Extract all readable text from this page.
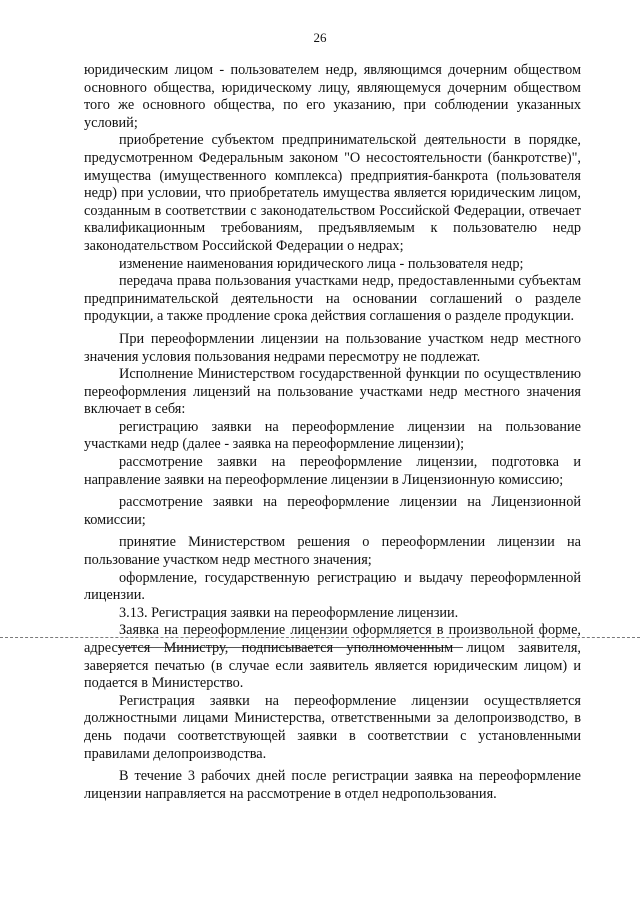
26

юридическим лицом - пользователем недр, являющимся дочерним обществом основного общества, юридическому лицу, являющемуся дочерним обществом того же основного общества, по его указанию, при соблюдении указанных условий;

приобретение субъектом предпринимательской деятельности в порядке, предусмотренном Федеральным законом "О несостоятельности (банкротстве)", имущества (имущественного комплекса) предприятия-банкрота (пользователя недр) при условии, что приобретатель имущества является юридическим лицом, созданным в соответствии с законодательством Российской Федерации, отвечает квалификационным требованиям, предъявляемым к пользователю недр законодательством Российской Федерации о недрах;

изменение наименования юридического лица - пользователя недр;

передача права пользования участками недр, предоставленными субъектам предпринимательской деятельности на основании соглашений о разделе продукции, а также продление срока действия соглашения о разделе продукции.

При переоформлении лицензии на пользование участком недр местного значения условия пользования недрами пересмотру не подлежат.

Исполнение Министерством государственной функции по осуществлению переоформления лицензий на пользование участками недр местного значения включает в себя:

регистрацию заявки на переоформление лицензии на пользование участками недр (далее - заявка на переоформление лицензии);

рассмотрение заявки на переоформление лицензии, подготовка и направление заявки на переоформление лицензии в Лицензионную комиссию;

рассмотрение заявки на переоформление лицензии на Лицензионной комиссии;

принятие Министерством решения о переоформлении лицензии на пользование участком недр местного значения;

оформление, государственную регистрацию и выдачу переоформленной лицензии.

3.13. Регистрация заявки на переоформление лицензии.

Заявка на переоформление лицензии оформляется в произвольной форме, адресуется Министру, подписывается уполномоченным лицом заявителя, заверяется печатью (в случае если заявитель является юридическим лицом) и подается в Министерство.

Регистрация заявки на переоформление лицензии осуществляется должностными лицами Министерства, ответственными за делопроизводство, в день подачи соответствующей заявки в соответствии с установленными правилами делопроизводства.

В течение 3 рабочих дней после регистрации заявка на переоформление лицензии направляется на рассмотрение в отдел недропользования.
